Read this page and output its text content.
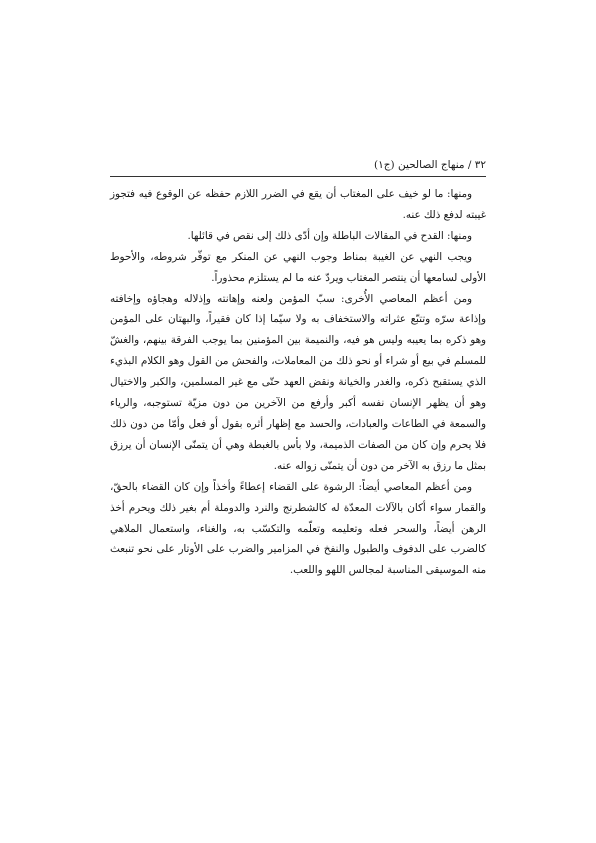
٣٢ / منهاج الصالحين (ج١)

ومنها: ما لو خيف على المغتاب أن يقع في الضرر اللازم حفظه عن الوقوع فيه فتجوز غيبته لدفع ذلك عنه.

ومنها: القدح في المقالات الباطلة وإن أدّى ذلك إلى نقص في قائلها.

ويجب النهي عن الغيبة بمناط وجوب النهي عن المنكر مع توفّر شروطه، والأحوط الأولى لسامعها أن ينتصر المغتاب ويردّ عنه ما لم يستلزم محذوراً.

ومن أعظم المعاصي الأُخرى: سبّ المؤمن ولعنه وإهانته وإذلاله وهجاؤه وإخافته وإذاعة سرّه وتتبّع عثراته والاستخفاف به ولا سيّما إذا كان فقيراً، والبهتان على المؤمن وهو ذكره بما يعيبه وليس هو فيه، والنميمة بين المؤمنين بما يوجب الفرقة بينهم، والغشّ للمسلم في بيع أو شراء أو نحو ذلك من المعاملات، والفحش من القول وهو الكلام البذيء الذي يستقبح ذكره، والغدر والخيانة ونقض العهد حتّى مع غير المسلمين، والكبر والاختيال وهو أن يظهر الإنسان نفسه أكبر وأرفع من الآخرين من دون مزيّة تستوجبه، والرياء والسمعة في الطاعات والعبادات، والحسد مع إظهار أثره بقول أو فعل وأمّا من دون ذلك فلا يحرم وإن كان من الصفات الذميمة، ولا بأس بالغبطة وهي أن يتمنّى الإنسان أن يرزق بمثل ما رزق به الآخر من دون أن يتمنّى زواله عنه.

ومن أعظم المعاصي أيضاً: الرشوة على القضاء إعطاءً وأخذاً وإن كان القضاء بالحقّ، والقمار سواء أكان بالآلات المعدّة له كالشطرنج والنرد والدوملة أم بغير ذلك ويحرم أخذ الرهن أيضاً، والسحر فعله وتعليمه وتعلّمه والتكسّب به، والغناء، واستعمال الملاهي كالضرب على الدفوف والطبول والنفخ في المزامير والضرب على الأوتار على نحو تنبعث منه الموسيقى المناسبة لمجالس اللهو واللعب.
